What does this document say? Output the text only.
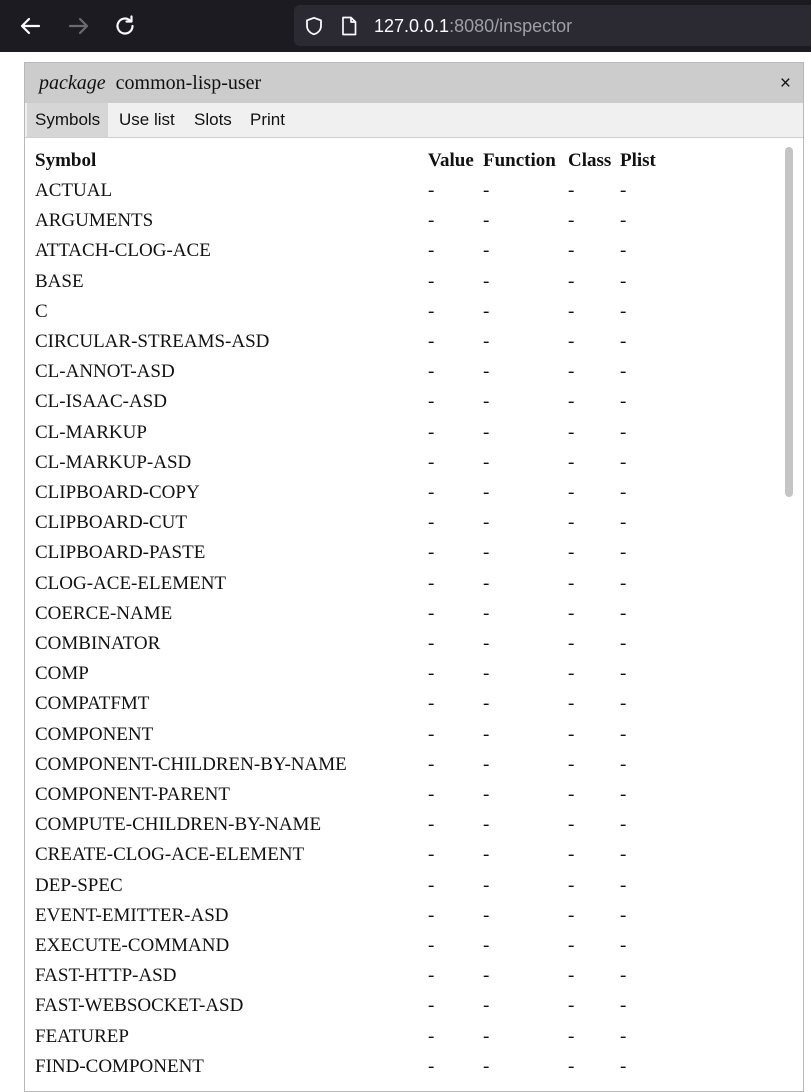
127.0.0.1:8080/inspector
package common-lisp-user	×
Symbols	Use list	Slots	Print
Symbol	Value Function Class Plist
ACTUAL	-	-	- -
ARGUMENTS	-	-	- -
ATTACH-CLOG-ACE	-	-	- -
BASE	-	-	- -
C	-	-	- -
CIRCULAR-STREAMS-ASD	-	-	- -
CL-ANNOT-ASD	-	-	- -
CL-ISAAC-ASD	-	-	- -
CL-MARKUP	-	-	- -
CL-MARKUP-ASD	-	-	- -
CLIPBOARD-COPY	-	-	- -
CLIPBOARD-CUT	-	-	- -
CLIPBOARD-PASTE	-	-	- -
CLOG-ACE-ELEMENT	-	-	- -
COERCE-NAME	-	-	- -
COMBINATOR	-	-	- -
COMP	-	-	- -
COMPATFMT	-	-	- -
COMPONENT	-	-	- -
COMPONENT-CHILDREN-BY-NAME	-	-	- -
COMPONENT-PARENT	-	-	- -
COMPUTE-CHILDREN-BY-NAME	-	-	- -
CREATE-CLOG-ACE-ELEMENT	-	-	- -
DEP-SPEC	-	-	- -
EVENT-EMITTER-ASD	-	-	- -
EXECUTE-COMMAND	-	-	- -
FAST-HTTP-ASD	-	-	- -
FAST-WEBSOCKET-ASD	-	-	- -
FEATUREP	-	-	- -
FIND-COMPONENT	-	-	- -
